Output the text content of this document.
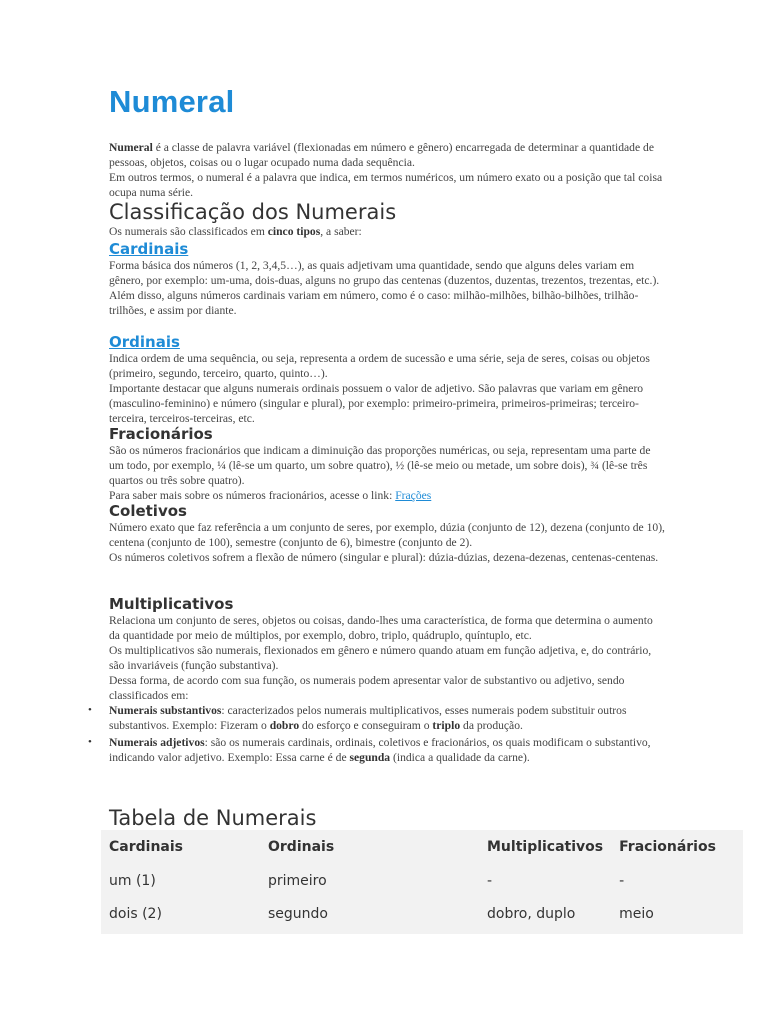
Numeral

Numeral é a classe de palavra variável (flexionadas em número e gênero) encarregada de determinar a quantidade de pessoas, objetos, coisas ou o lugar ocupado numa dada sequência.

Em outros termos, o numeral é a palavra que indica, em termos numéricos, um número exato ou a posição que tal coisa ocupa numa série.

Classificação dos Numerais

Os numerais são classificados em cinco tipos, a saber:

Cardinais

Forma básica dos números (1, 2, 3,4,5…), as quais adjetivam uma quantidade, sendo que alguns deles variam em gênero, por exemplo: um-uma, dois-duas, alguns no grupo das centenas (duzentos, duzentas, trezentos, trezentas, etc.).

Além disso, alguns números cardinais variam em número, como é o caso: milhão-milhões, bilhão-bilhões, trilhão-trilhões, e assim por diante.

Ordinais

Indica ordem de uma sequência, ou seja, representa a ordem de sucessão e uma série, seja de seres, coisas ou objetos (primeiro, segundo, terceiro, quarto, quinto…).

Importante destacar que alguns numerais ordinais possuem o valor de adjetivo. São palavras que variam em gênero (masculino-feminino) e número (singular e plural), por exemplo: primeiro-primeira, primeiros-primeiras; terceiro-terceira, terceiros-terceiras, etc.

Fracionários

São os números fracionários que indicam a diminuição das proporções numéricas, ou seja, representam uma parte de um todo, por exemplo, ¼ (lê-se um quarto, um sobre quatro), ½ (lê-se meio ou metade, um sobre dois), ¾ (lê-se três quartos ou três sobre quatro).

Para saber mais sobre os números fracionários, acesse o link: Frações

Coletivos

Número exato que faz referência a um conjunto de seres, por exemplo, dúzia (conjunto de 12), dezena (conjunto de 10), centena (conjunto de 100), semestre (conjunto de 6), bimestre (conjunto de 2).

Os números coletivos sofrem a flexão de número (singular e plural): dúzia-dúzias, dezena-dezenas, centenas-centenas.

Multiplicativos

Relaciona um conjunto de seres, objetos ou coisas, dando-lhes uma característica, de forma que determina o aumento da quantidade por meio de múltiplos, por exemplo, dobro, triplo, quádruplo, quíntuplo, etc.

Os multiplicativos são numerais, flexionados em gênero e número quando atuam em função adjetiva, e, do contrário, são invariáveis (função substantiva).

Dessa forma, de acordo com sua função, os numerais podem apresentar valor de substantivo ou adjetivo, sendo classificados em:

• Numerais substantivos: caracterizados pelos numerais multiplicativos, esses numerais podem substituir outros substantivos. Exemplo: Fizeram o dobro do esforço e conseguiram o triplo da produção.
• Numerais adjetivos: são os numerais cardinais, ordinais, coletivos e fracionários, os quais modificam o substantivo, indicando valor adjetivo. Exemplo: Essa carne é de segunda (indica a qualidade da carne).

Tabela de Numerais

Cardinais	Ordinais	Multiplicativos	Fracionários
um (1)	primeiro	-	-
dois (2)	segundo	dobro, duplo	meio
